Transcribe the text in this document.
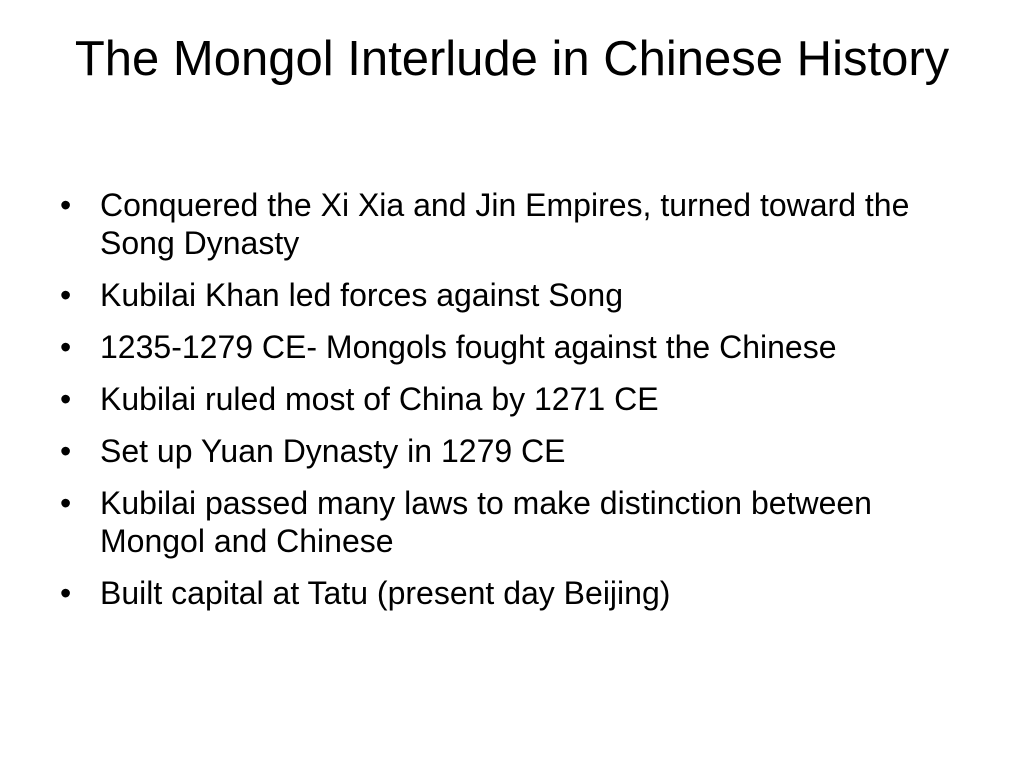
The Mongol Interlude in Chinese History
• Conquered the Xi Xia and Jin Empires, turned toward the Song Dynasty
• Kubilai Khan led forces against Song
• 1235-1279 CE- Mongols fought against the Chinese
• Kubilai ruled most of China by 1271 CE
• Set up Yuan Dynasty in 1279 CE
• Kubilai passed many laws to make distinction between Mongol and Chinese
• Built capital at Tatu (present day Beijing)
